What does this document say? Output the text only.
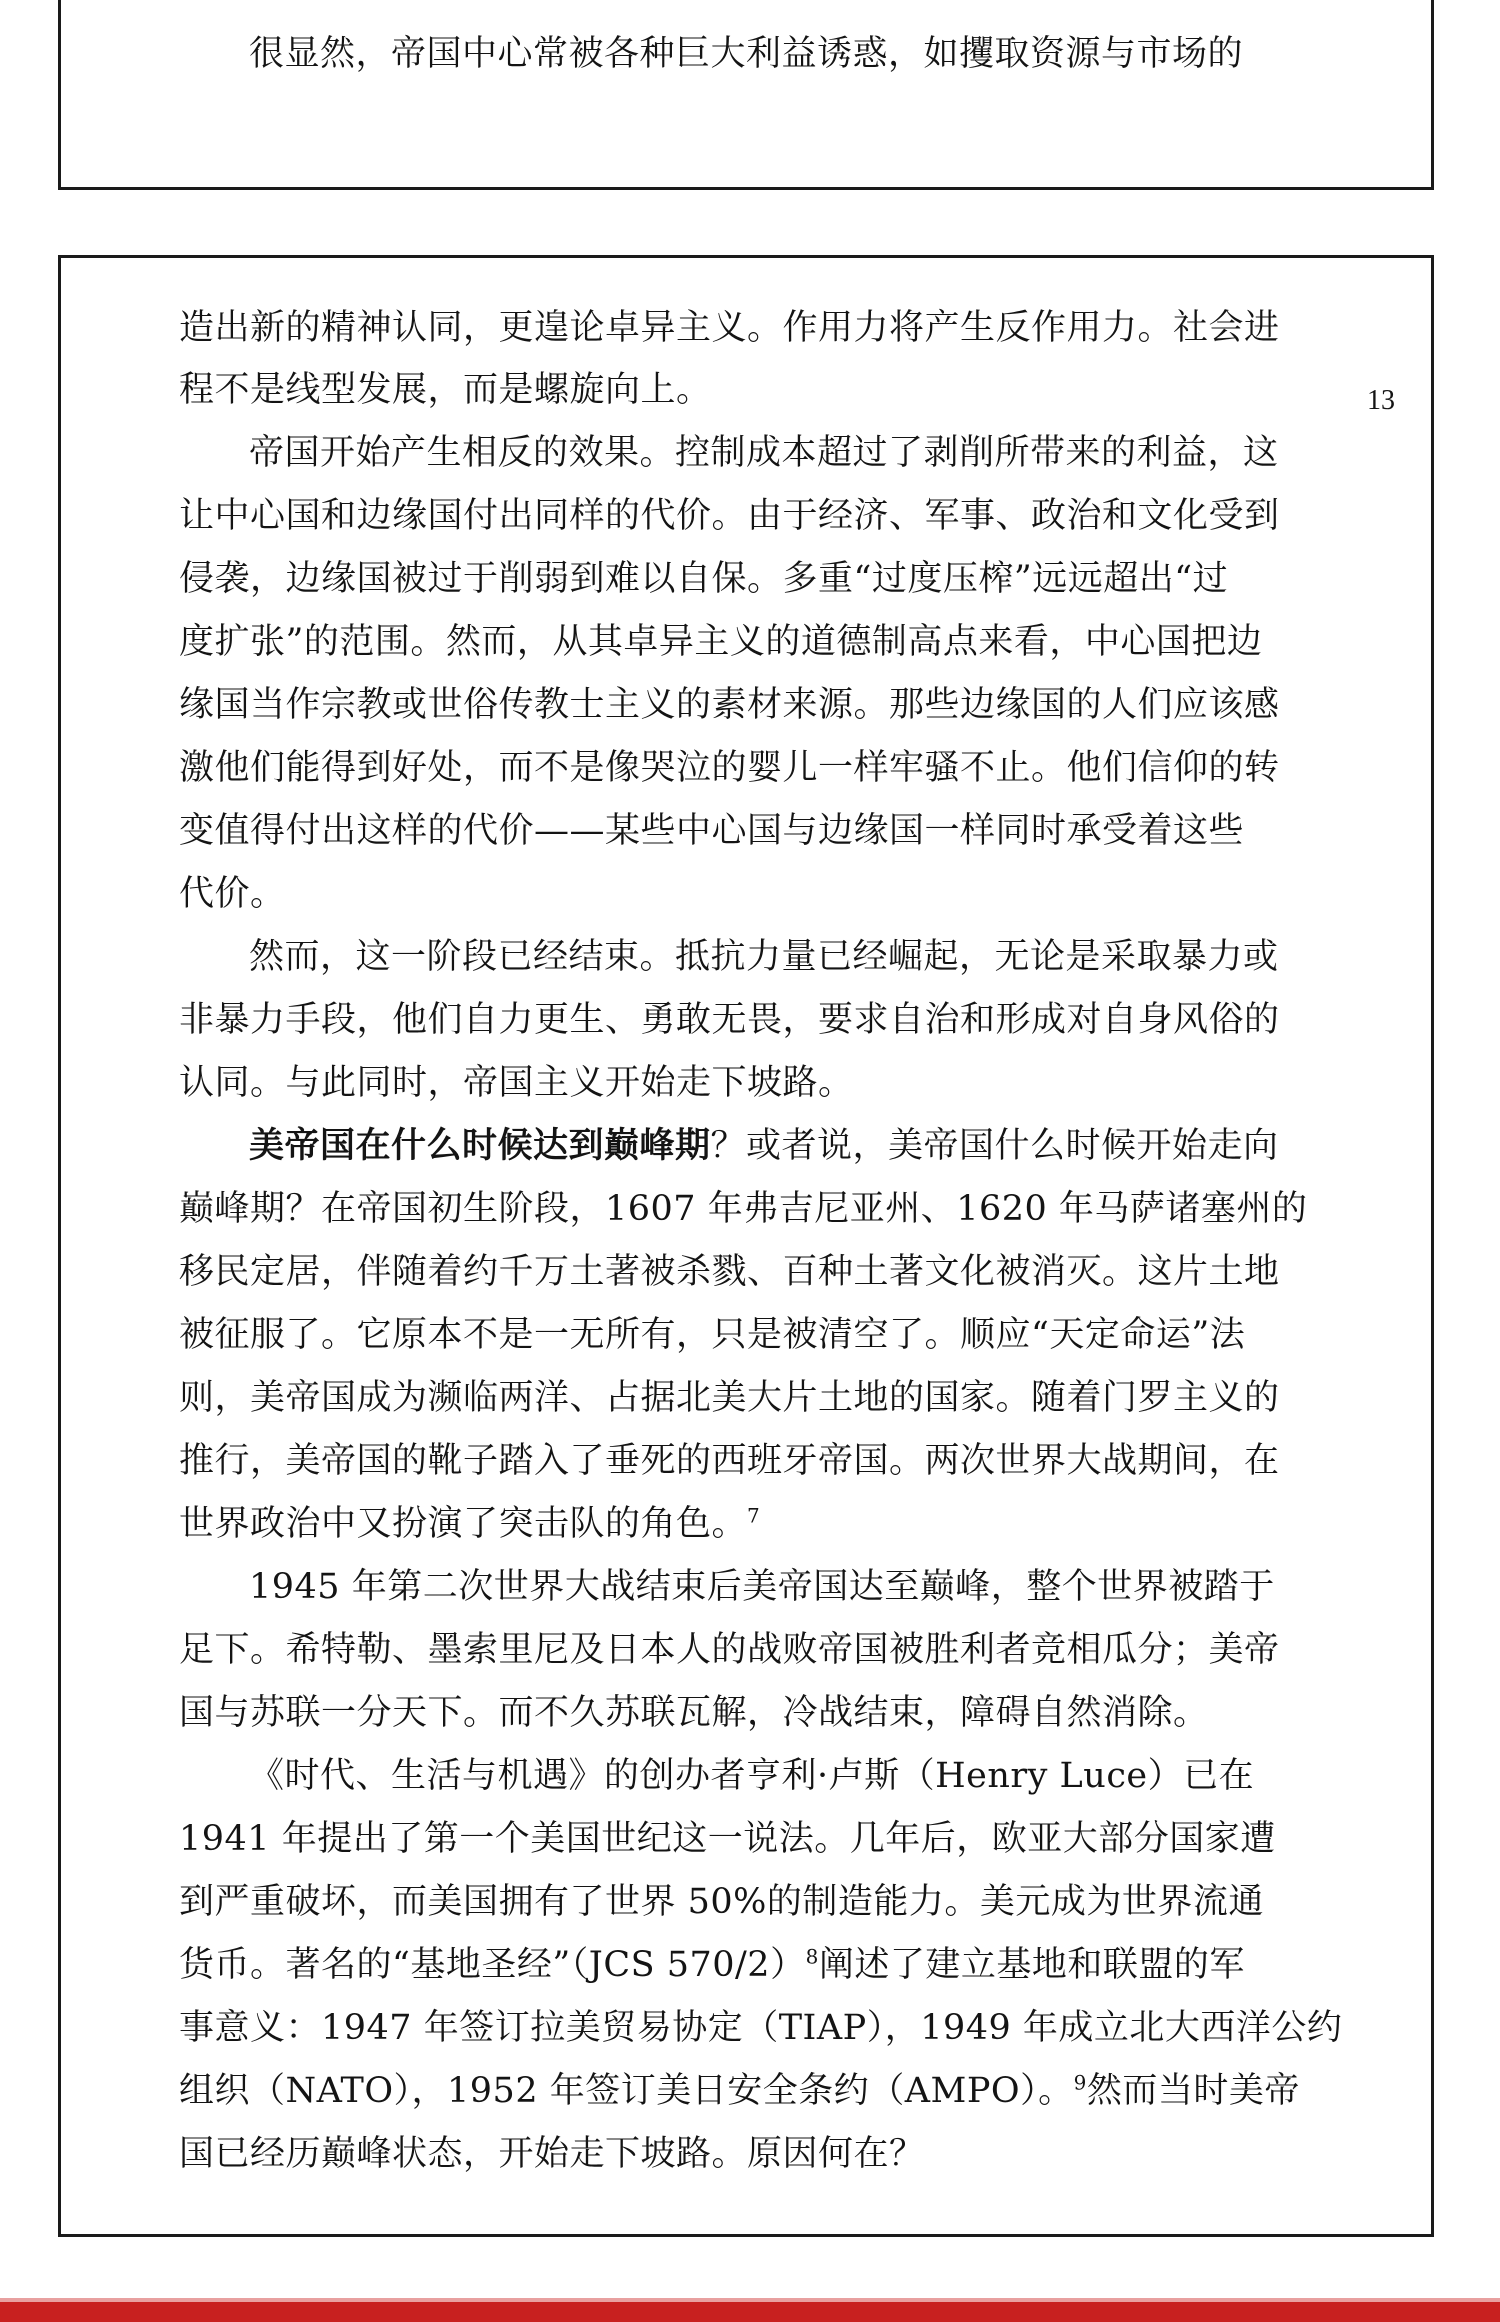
很显然，帝国中心常被各种巨大利益诱惑，如攫取资源与市场的

13

造出新的精神认同，更遑论卓异主义。作用力将产生反作用力。社会进

程不是线型发展，而是螺旋向上。

帝国开始产生相反的效果。控制成本超过了剥削所带来的利益，这

让中心国和边缘国付出同样的代价。由于经济、军事、政治和文化受到

侵袭，边缘国被过于削弱到难以自保。多重“过度压榨”远远超出“过

度扩张”的范围。然而，从其卓异主义的道德制高点来看，中心国把边

缘国当作宗教或世俗传教士主义的素材来源。那些边缘国的人们应该感

激他们能得到好处，而不是像哭泣的婴儿一样牢骚不止。他们信仰的转

变值得付出这样的代价——某些中心国与边缘国一样同时承受着这些

代价。

然而，这一阶段已经结束。抵抗力量已经崛起，无论是采取暴力或

非暴力手段，他们自力更生、勇敢无畏，要求自治和形成对自身风俗的

认同。与此同时，帝国主义开始走下坡路。

美帝国在什么时候达到巅峰期？或者说，美帝国什么时候开始走向

巅峰期？在帝国初生阶段，1607 年弗吉尼亚州、1620 年马萨诸塞州的

移民定居，伴随着约千万土著被杀戮、百种土著文化被消灭。这片土地

被征服了。它原本不是一无所有，只是被清空了。顺应“天定命运”法

则，美帝国成为濒临两洋、占据北美大片土地的国家。随着门罗主义的

推行，美帝国的靴子踏入了垂死的西班牙帝国。两次世界大战期间，在

世界政治中又扮演了突击队的角色。$^7$

1945 年第二次世界大战结束后美帝国达至巅峰，整个世界被踏于

足下。希特勒、墨索里尼及日本人的战败帝国被胜利者竞相瓜分；美帝

国与苏联一分天下。而不久苏联瓦解，冷战结束，障碍自然消除。

《时代、生活与机遇》的创办者亨利·卢斯（Henry Luce）已在

1941 年提出了第一个美国世纪这一说法。几年后，欧亚大部分国家遭

到严重破坏，而美国拥有了世界 50%的制造能力。美元成为世界流通

货币。著名的“基地圣经”（JCS 570/2）$^8$阐述了建立基地和联盟的军

事意义：1947 年签订拉美贸易协定（TIAP），1949 年成立北大西洋公约

组织（NATO），1952 年签订美日安全条约（AMPO）。$^9$然而当时美帝

国已经历巅峰状态，开始走下坡路。原因何在？
